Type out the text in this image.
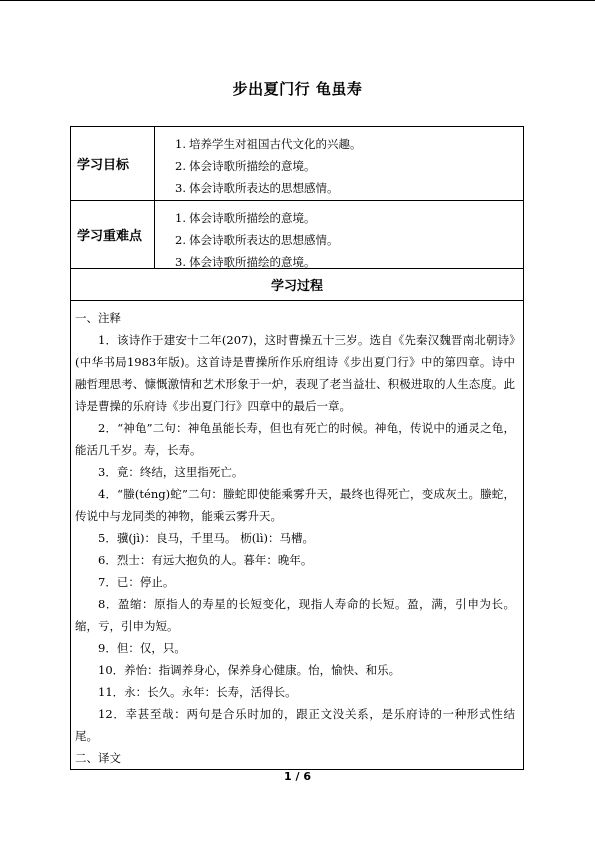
步出夏门行 龟虽寿
学习目标
1. 培养学生对祖国古代文化的兴趣。
2. 体会诗歌所描绘的意境。
3. 体会诗歌所表达的思想感情。
学习重难点
1. 体会诗歌所描绘的意境。
2. 体会诗歌所表达的思想感情。
3. 体会诗歌所描绘的意境。
学习过程
一、注释

1．该诗作于建安十二年(207)，这时曹操五十三岁。选自《先秦汉魏晋南北朝诗》(中华书局1983年版)。这首诗是曹操所作乐府组诗《步出夏门行》中的第四章。诗中融哲理思考、慷慨激情和艺术形象于一炉，表现了老当益壮、积极进取的人生态度。此诗是曹操的乐府诗《步出夏门行》四章中的最后一章。

2．“神龟”二句：神龟虽能长寿，但也有死亡的时候。神龟，传说中的通灵之龟，能活几千岁。寿，长寿。

3．竟：终结，这里指死亡。

4．“螣(téng)蛇”二句：螣蛇即使能乘雾升天，最终也得死亡，变成灰土。螣蛇，传说中与龙同类的神物，能乘云雾升天。

5．骥(jì)：良马，千里马。 枥(lì)：马槽。

6．烈士：有远大抱负的人。暮年：晚年。

7．已：停止。

8．盈缩：原指人的寿星的长短变化，现指人寿命的长短。盈，满，引申为长。缩，亏，引申为短。

9．但：仅，只。

10．养怡：指调养身心，保养身心健康。怡，愉快、和乐。

11．永：长久。永年：长寿，活得长。

12．幸甚至哉：两句是合乐时加的，跟正文没关系，是乐府诗的一种形式性结尾。

二、译文
1 / 6
